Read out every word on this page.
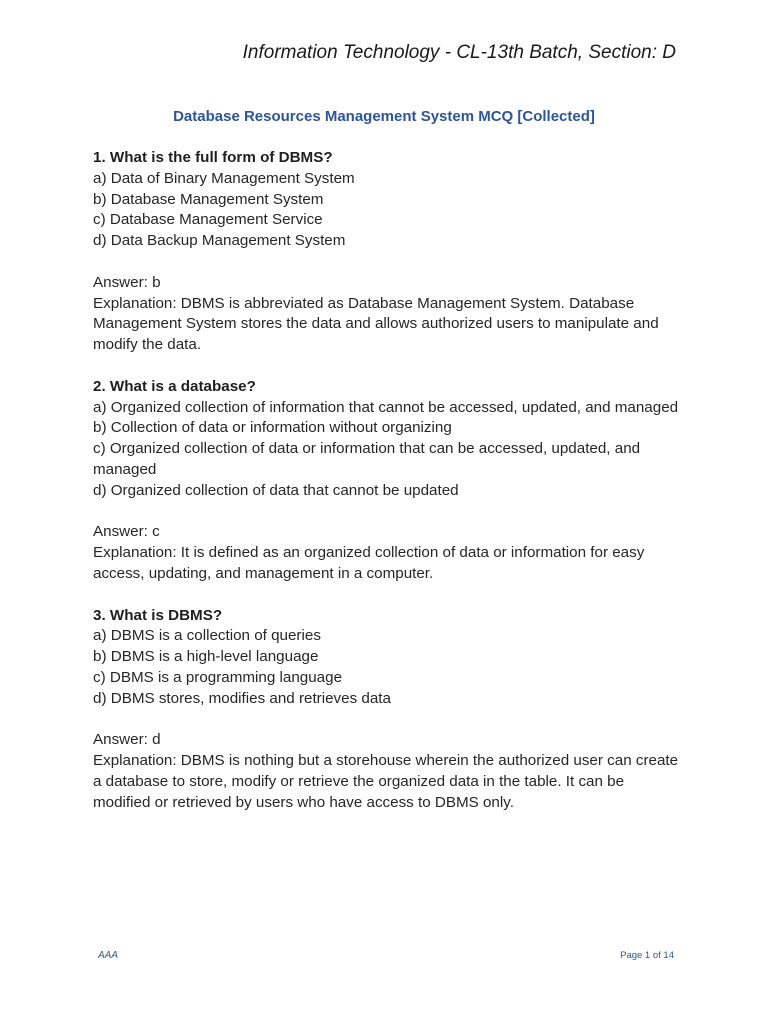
Information Technology - CL-13th Batch, Section: D
Database Resources Management System MCQ [Collected]
1. What is the full form of DBMS?
a) Data of Binary Management System
b) Database Management System
c) Database Management Service
d) Data Backup Management System
Answer: b
Explanation: DBMS is abbreviated as Database Management System. Database Management System stores the data and allows authorized users to manipulate and modify the data.
2. What is a database?
a) Organized collection of information that cannot be accessed, updated, and managed
b) Collection of data or information without organizing
c) Organized collection of data or information that can be accessed, updated, and managed
d) Organized collection of data that cannot be updated
Answer: c
Explanation: It is defined as an organized collection of data or information for easy access, updating, and management in a computer.
3. What is DBMS?
a) DBMS is a collection of queries
b) DBMS is a high-level language
c) DBMS is a programming language
d) DBMS stores, modifies and retrieves data
Answer: d
Explanation: DBMS is nothing but a storehouse wherein the authorized user can create a database to store, modify or retrieve the organized data in the table. It can be modified or retrieved by users who have access to DBMS only.
AAA	Page 1 of 14
